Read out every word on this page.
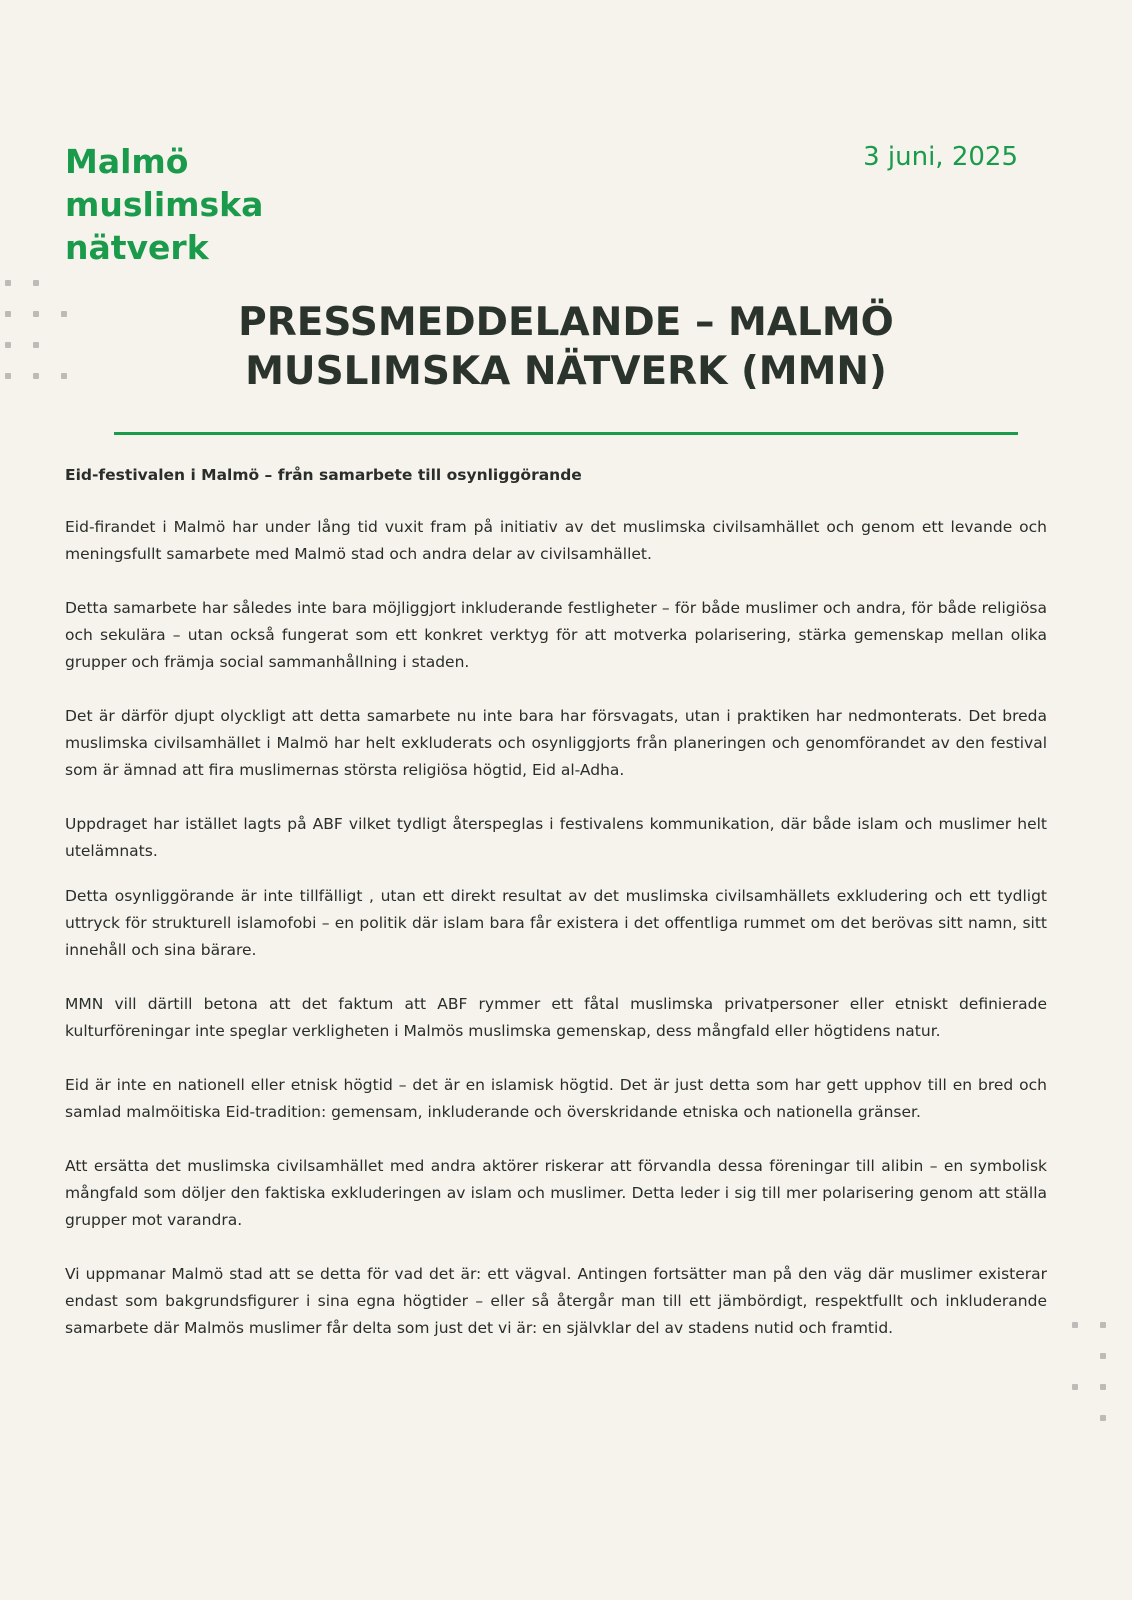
Malmö muslimska nätverk
3 juni, 2025
PRESSMEDDELANDE – MALMÖ MUSLIMSKA NÄTVERK (MMN)

Eid-festivalen i Malmö – från samarbete till osynliggörande

Eid-firandet i Malmö har under lång tid vuxit fram på initiativ av det muslimska civilsamhället och genom ett levande och meningsfullt samarbete med Malmö stad och andra delar av civilsamhället.

Detta samarbete har således inte bara möjliggjort inkluderande festligheter – för både muslimer och andra, för både religiösa och sekulära – utan också fungerat som ett konkret verktyg för att motverka polarisering, stärka gemenskap mellan olika grupper och främja social sammanhållning i staden.

Det är därför djupt olyckligt att detta samarbete nu inte bara har försvagats, utan i praktiken har nedmonterats. Det breda muslimska civilsamhället i Malmö har helt exkluderats och osynliggjorts från planeringen och genomförandet av den festival som är ämnad att fira muslimernas största religiösa högtid, Eid al-Adha.

Uppdraget har istället lagts på ABF vilket tydligt återspeglas i festivalens kommunikation, där både islam och muslimer helt utelämnats.

Detta osynliggörande är inte tillfälligt , utan ett direkt resultat av det muslimska civilsamhällets exkludering och ett tydligt uttryck för strukturell islamofobi – en politik där islam bara får existera i det offentliga rummet om det berövas sitt namn, sitt innehåll och sina bärare.

MMN vill därtill betona att det faktum att ABF rymmer ett fåtal muslimska privatpersoner eller etniskt definierade kulturföreningar inte speglar verkligheten i Malmös muslimska gemenskap, dess mångfald eller högtidens natur.

Eid är inte en nationell eller etnisk högtid – det är en islamisk högtid. Det är just detta som har gett upphov till en bred och samlad malmöitiska Eid-tradition: gemensam, inkluderande och överskridande etniska och nationella gränser.

Att ersätta det muslimska civilsamhället med andra aktörer riskerar att förvandla dessa föreningar till alibin – en symbolisk mångfald som döljer den faktiska exkluderingen av islam och muslimer. Detta leder i sig till mer polarisering genom att ställa grupper mot varandra.

Vi uppmanar Malmö stad att se detta för vad det är: ett vägval. Antingen fortsätter man på den väg där muslimer existerar endast som bakgrundsfigurer i sina egna högtider – eller så återgår man till ett jämbördigt, respektfullt och inkluderande samarbete där Malmös muslimer får delta som just det vi är: en självklar del av stadens nutid och framtid.
